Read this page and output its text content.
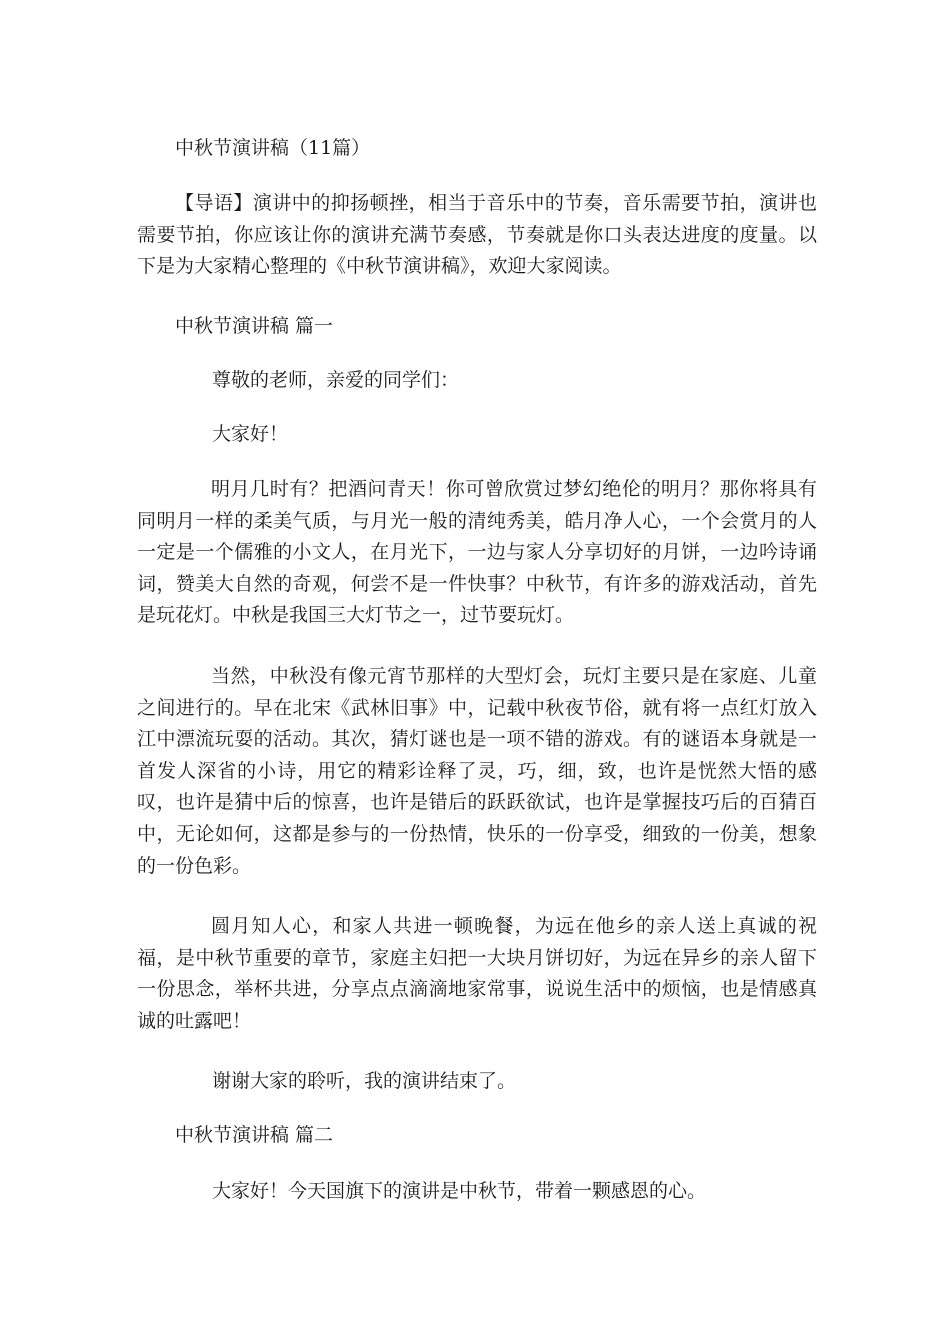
中秋节演讲稿（11篇）
【导语】演讲中的抑扬顿挫，相当于音乐中的节奏，音乐需要节拍，演讲也需要节拍，你应该让你的演讲充满节奏感，节奏就是你口头表达进度的度量。以下是为大家精心整理的《中秋节演讲稿》，欢迎大家阅读。
中秋节演讲稿 篇一
尊敬的老师，亲爱的同学们：
大家好！
明月几时有？把酒问青天！你可曾欣赏过梦幻绝伦的明月？那你将具有同明月一样的柔美气质，与月光一般的清纯秀美，皓月净人心，一个会赏月的人一定是一个儒雅的小文人，在月光下，一边与家人分享切好的月饼，一边吟诗诵词，赞美大自然的奇观，何尝不是一件快事？中秋节，有许多的游戏活动，首先是玩花灯。中秋是我国三大灯节之一，过节要玩灯。
当然，中秋没有像元宵节那样的大型灯会，玩灯主要只是在家庭、儿童之间进行的。早在北宋《武林旧事》中，记载中秋夜节俗，就有将一点红灯放入江中漂流玩耍的活动。其次，猜灯谜也是一项不错的游戏。有的谜语本身就是一首发人深省的小诗，用它的精彩诠释了灵，巧，细，致，也许是恍然大悟的感叹，也许是猜中后的惊喜，也许是错后的跃跃欲试，也许是掌握技巧后的百猜百中，无论如何，这都是参与的一份热情，快乐的一份享受，细致的一份美，想象的一份色彩。
圆月知人心，和家人共进一顿晚餐，为远在他乡的亲人送上真诚的祝福，是中秋节重要的章节，家庭主妇把一大块月饼切好，为远在异乡的亲人留下一份思念，举杯共进，分享点点滴滴地家常事，说说生活中的烦恼，也是情感真诚的吐露吧！
谢谢大家的聆听，我的演讲结束了。
中秋节演讲稿 篇二
大家好！今天国旗下的演讲是中秋节，带着一颗感恩的心。
